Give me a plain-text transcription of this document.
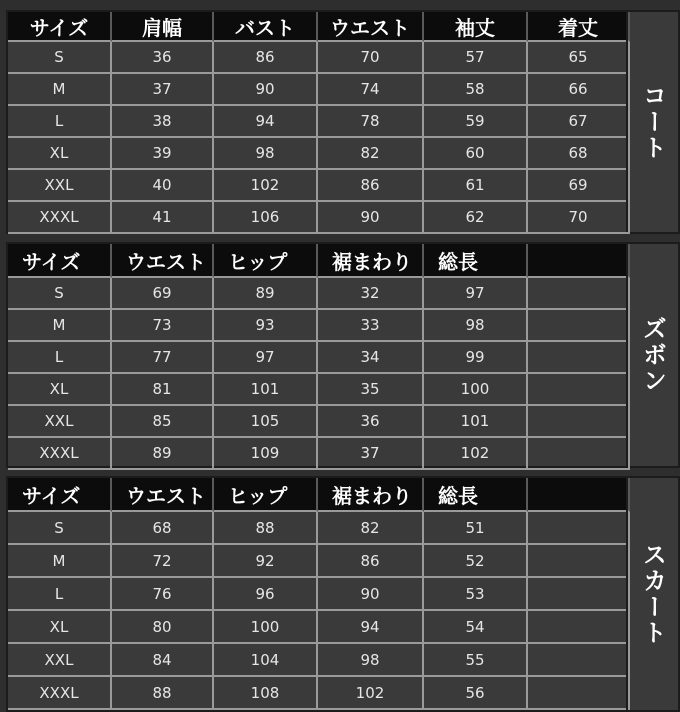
サイズ	肩幅	バスト	ウエスト	袖丈	着丈
S	36	86	70	57	65
M	37	90	74	58	66
L	38	94	78	59	67
XL	39	98	82	60	68
XXL	40	102	86	61	69
XXXL	41	106	90	62	70
コート
サイズ	ウエスト	ヒップ	裾まわり	総長
S	69	89	32	97
M	73	93	33	98
L	77	97	34	99
XL	81	101	35	100
XXL	85	105	36	101
XXXL	89	109	37	102
ズボン
サイズ	ウエスト	ヒップ	裾まわり	総長
S	68	88	82	51
M	72	92	86	52
L	76	96	90	53
XL	80	100	94	54
XXL	84	104	98	55
XXXL	88	108	102	56
スカート
